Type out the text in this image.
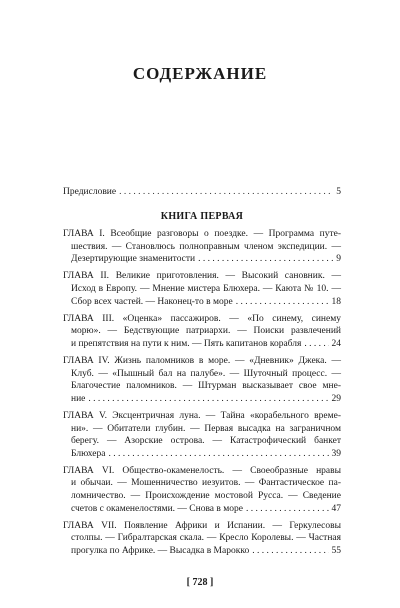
СОДЕРЖАНИЕ
Предисловие . . .	5
КНИГА ПЕРВАЯ
ГЛАВА I. Всеобщие разговоры о поездке. — Программа путе-
шествия. — Становлюсь полноправным членом экспедиции. —
Дезертирующие знаменитости . . .	9
ГЛАВА II. Великие приготовления. — Высокий сановник. —
Исход в Европу. — Мнение мистера Блюхера. — Каюта № 10. —
Сбор всех частей. — Наконец-то в море . . .	18
ГЛАВА III. «Оценка» пассажиров. — «По синему, синему
морю». — Бедствующие патриархи. — Поиски развлечений
и препятствия на пути к ним. — Пять капитанов корабля . . .	24
ГЛАВА IV. Жизнь паломников в море. — «Дневник» Джека. —
Клуб. — «Пышный бал на палубе». — Шуточный процесс. —
Благочестие паломников. — Штурман высказывает свое мне-
ние . . .	29
ГЛАВА V. Эксцентричная луна. — Тайна «корабельного време-
ни». — Обитатели глубин. — Первая высадка на заграничном
берегу. — Азорские острова. — Катастрофический банкет
Блюхера . . .	39
ГЛАВА VI. Общество-окаменелость. — Своеобразные нравы
и обычаи. — Мошенничество иезуитов. — Фантастическое па-
ломничество. — Происхождение мостовой Русса. — Сведение
счетов с окаменелостями. — Снова в море . . .	47
ГЛАВА VII. Появление Африки и Испании. — Геркулесовы
столпы. — Гибралтарская скала. — Кресло Королевы. — Частная
прогулка по Африке. — Высадка в Марокко . . .	55
[ 728 ]
